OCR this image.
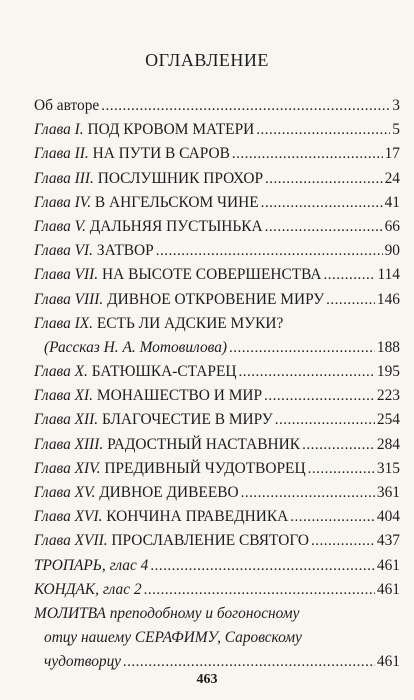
ОГЛАВЛЕНИЕ
Об авторе .....	3
Глава I. ПОД КРОВОМ МАТЕРИ .....	5
Глава II. НА ПУТИ В САРОВ .....	17
Глава III. ПОСЛУШНИК ПРОХОР .....	24
Глава IV. В АНГЕЛЬСКОМ ЧИНЕ .....	41
Глава V. ДАЛЬНЯЯ ПУСТЫНЬКА .....	66
Глава VI. ЗАТВОР .....	90
Глава VII. НА ВЫСОТЕ СОВЕРШЕНСТВА .....	114
Глава VIII. ДИВНОЕ ОТКРОВЕНИЕ МИРУ .....	146
Глава IX. ЕСТЬ ЛИ АДСКИЕ МУКИ?
(Рассказ Н. А. Мотовилова) .....	188
Глава X. БАТЮШКА-СТАРЕЦ .....	195
Глава XI. МОНАШЕСТВО И МИР .....	223
Глава XII. БЛАГОЧЕСТИЕ В МИРУ .....	254
Глава XIII. РАДОСТНЫЙ НАСТАВНИК .....	284
Глава XIV. ПРЕДИВНЫЙ ЧУДОТВОРЕЦ .....	315
Глава XV. ДИВНОЕ ДИВЕЕВО .....	361
Глава XVI. КОНЧИНА ПРАВЕДНИКА .....	404
Глава XVII. ПРОСЛАВЛЕНИЕ СВЯТОГО .....	437
ТРОПАРЬ, глас 4 .....	461
КОНДАК, глас 2 .....	461
МОЛИТВА преподобному и богоносному
отцу нашему СЕРАФИМУ, Саровскому
чудотворцу .....	461
463
